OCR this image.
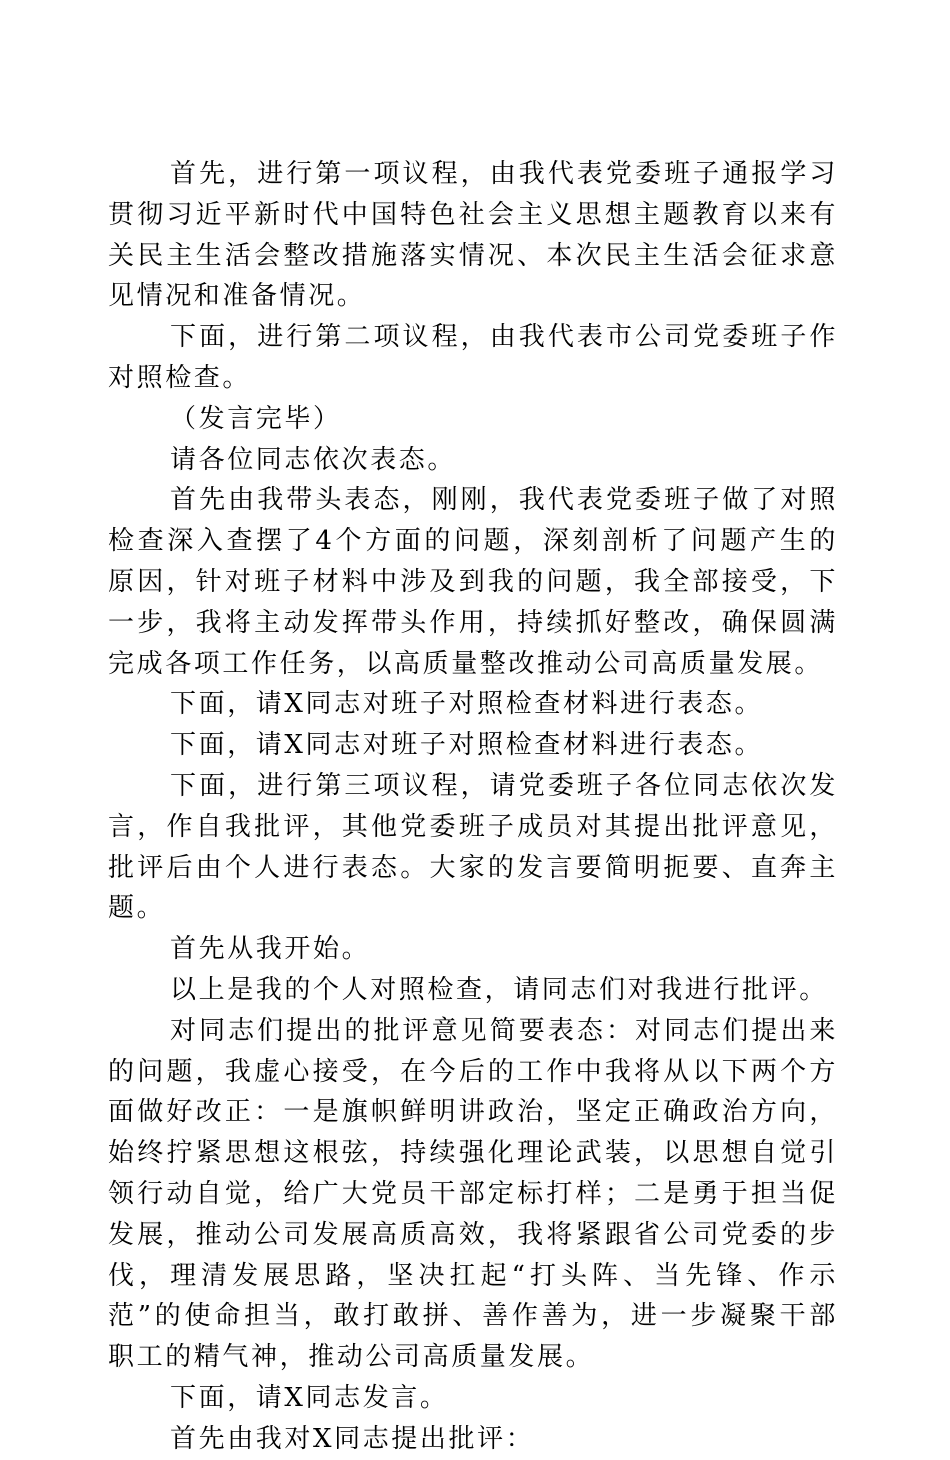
首先，进行第一项议程，由我代表党委班子通报学习贯彻习近平新时代中国特色社会主义思想主题教育以来有关民主生活会整改措施落实情况、本次民主生活会征求意见情况和准备情况。

下面，进行第二项议程，由我代表市公司党委班子作对照检查。

（发言完毕）

请各位同志依次表态。

首先由我带头表态，刚刚，我代表党委班子做了对照检查深入查摆了4个方面的问题，深刻剖析了问题产生的原因，针对班子材料中涉及到我的问题，我全部接受，下一步，我将主动发挥带头作用，持续抓好整改，确保圆满完成各项工作任务，以高质量整改推动公司高质量发展。

下面，请X同志对班子对照检查材料进行表态。

下面，请X同志对班子对照检查材料进行表态。

下面，进行第三项议程，请党委班子各位同志依次发言，作自我批评，其他党委班子成员对其提出批评意见，批评后由个人进行表态。大家的发言要简明扼要、直奔主题。

首先从我开始。

以上是我的个人对照检查，请同志们对我进行批评。

对同志们提出的批评意见简要表态：对同志们提出来的问题，我虚心接受，在今后的工作中我将从以下两个方面做好改正：一是旗帜鲜明讲政治，坚定正确政治方向，始终拧紧思想这根弦，持续强化理论武装，以思想自觉引领行动自觉，给广大党员干部定标打样；二是勇于担当促发展，推动公司发展高质高效，我将紧跟省公司党委的步伐，理清发展思路，坚决扛起“打头阵、当先锋、作示范”的使命担当，敢打敢拼、善作善为，进一步凝聚干部职工的精气神，推动公司高质量发展。

下面，请X同志发言。

首先由我对X同志提出批评：
